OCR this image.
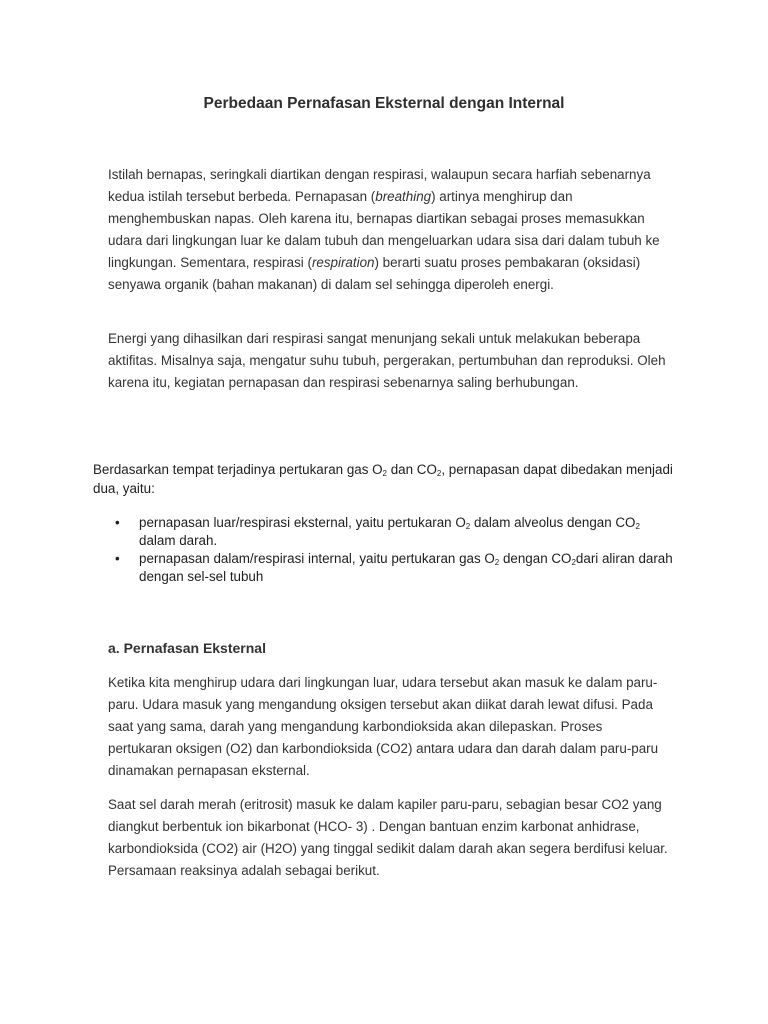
Perbedaan Pernafasan Eksternal dengan Internal

Istilah bernapas, seringkali diartikan dengan respirasi, walaupun secara harfiah sebenarnya kedua istilah tersebut berbeda. Pernapasan (breathing) artinya menghirup dan menghembuskan napas. Oleh karena itu, bernapas diartikan sebagai proses memasukkan udara dari lingkungan luar ke dalam tubuh dan mengeluarkan udara sisa dari dalam tubuh ke lingkungan. Sementara, respirasi (respiration) berarti suatu proses pembakaran (oksidasi) senyawa organik (bahan makanan) di dalam sel sehingga diperoleh energi.

Energi yang dihasilkan dari respirasi sangat menunjang sekali untuk melakukan beberapa aktifitas. Misalnya saja, mengatur suhu tubuh, pergerakan, pertumbuhan dan reproduksi. Oleh karena itu, kegiatan pernapasan dan respirasi sebenarnya saling berhubungan.

Berdasarkan tempat terjadinya pertukaran gas $O_2$ dan $CO_2$, pernapasan dapat dibedakan menjadi dua, yaitu:

• pernapasan luar/respirasi eksternal, yaitu pertukaran $O_2$ dalam alveolus dengan $CO_2$ dalam darah.
• pernapasan dalam/respirasi internal, yaitu pertukaran gas $O_2$ dengan $CO_2dari$ aliran darah dengan sel-sel tubuh
a. Pernafasan Eksternal

Ketika kita menghirup udara dari lingkungan luar, udara tersebut akan masuk ke dalam paru-paru. Udara masuk yang mengandung oksigen tersebut akan diikat darah lewat difusi. Pada saat yang sama, darah yang mengandung karbondioksida akan dilepaskan. Proses pertukaran oksigen (O2) dan karbondioksida (CO2) antara udara dan darah dalam paru-paru dinamakan pernapasan eksternal.

Saat sel darah merah (eritrosit) masuk ke dalam kapiler paru-paru, sebagian besar CO2 yang diangkut berbentuk ion bikarbonat (HCO- 3) . Dengan bantuan enzim karbonat anhidrase, karbondioksida (CO2) air (H2O) yang tinggal sedikit dalam darah akan segera berdifusi keluar. Persamaan reaksinya adalah sebagai berikut.
